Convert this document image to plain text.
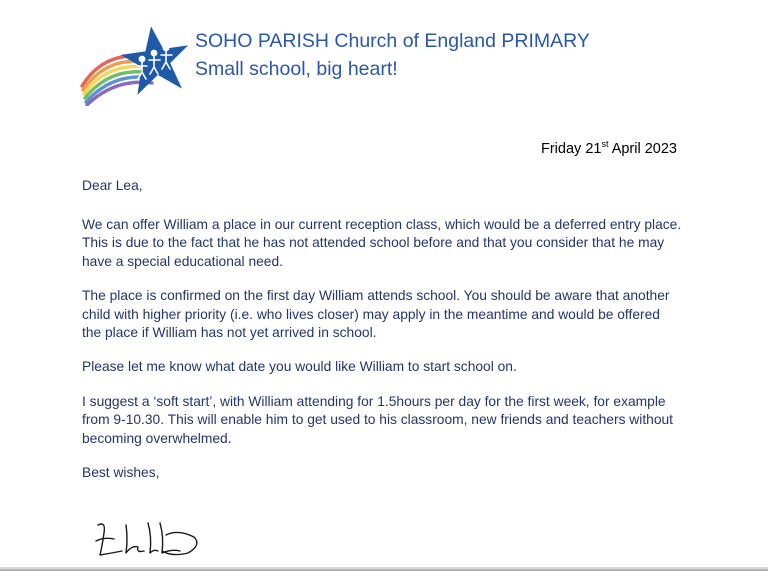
SOHO PARISH Church of England PRIMARY
Small school, big heart!
Friday 21st April 2023

Dear Lea,

We can offer William a place in our current reception class, which would be a deferred entry place. This is due to the fact that he has not attended school before and that you consider that he may have a special educational need.

The place is confirmed on the first day William attends school. You should be aware that another child with higher priority (i.e. who lives closer) may apply in the meantime and would be offered the place if William has not yet arrived in school.

Please let me know what date you would like William to start school on.

I suggest a ‘soft start’, with William attending for 1.5hours per day for the first week, for example from 9-10.30. This will enable him to get used to his classroom, new friends and teachers without becoming overwhelmed.

Best wishes,
